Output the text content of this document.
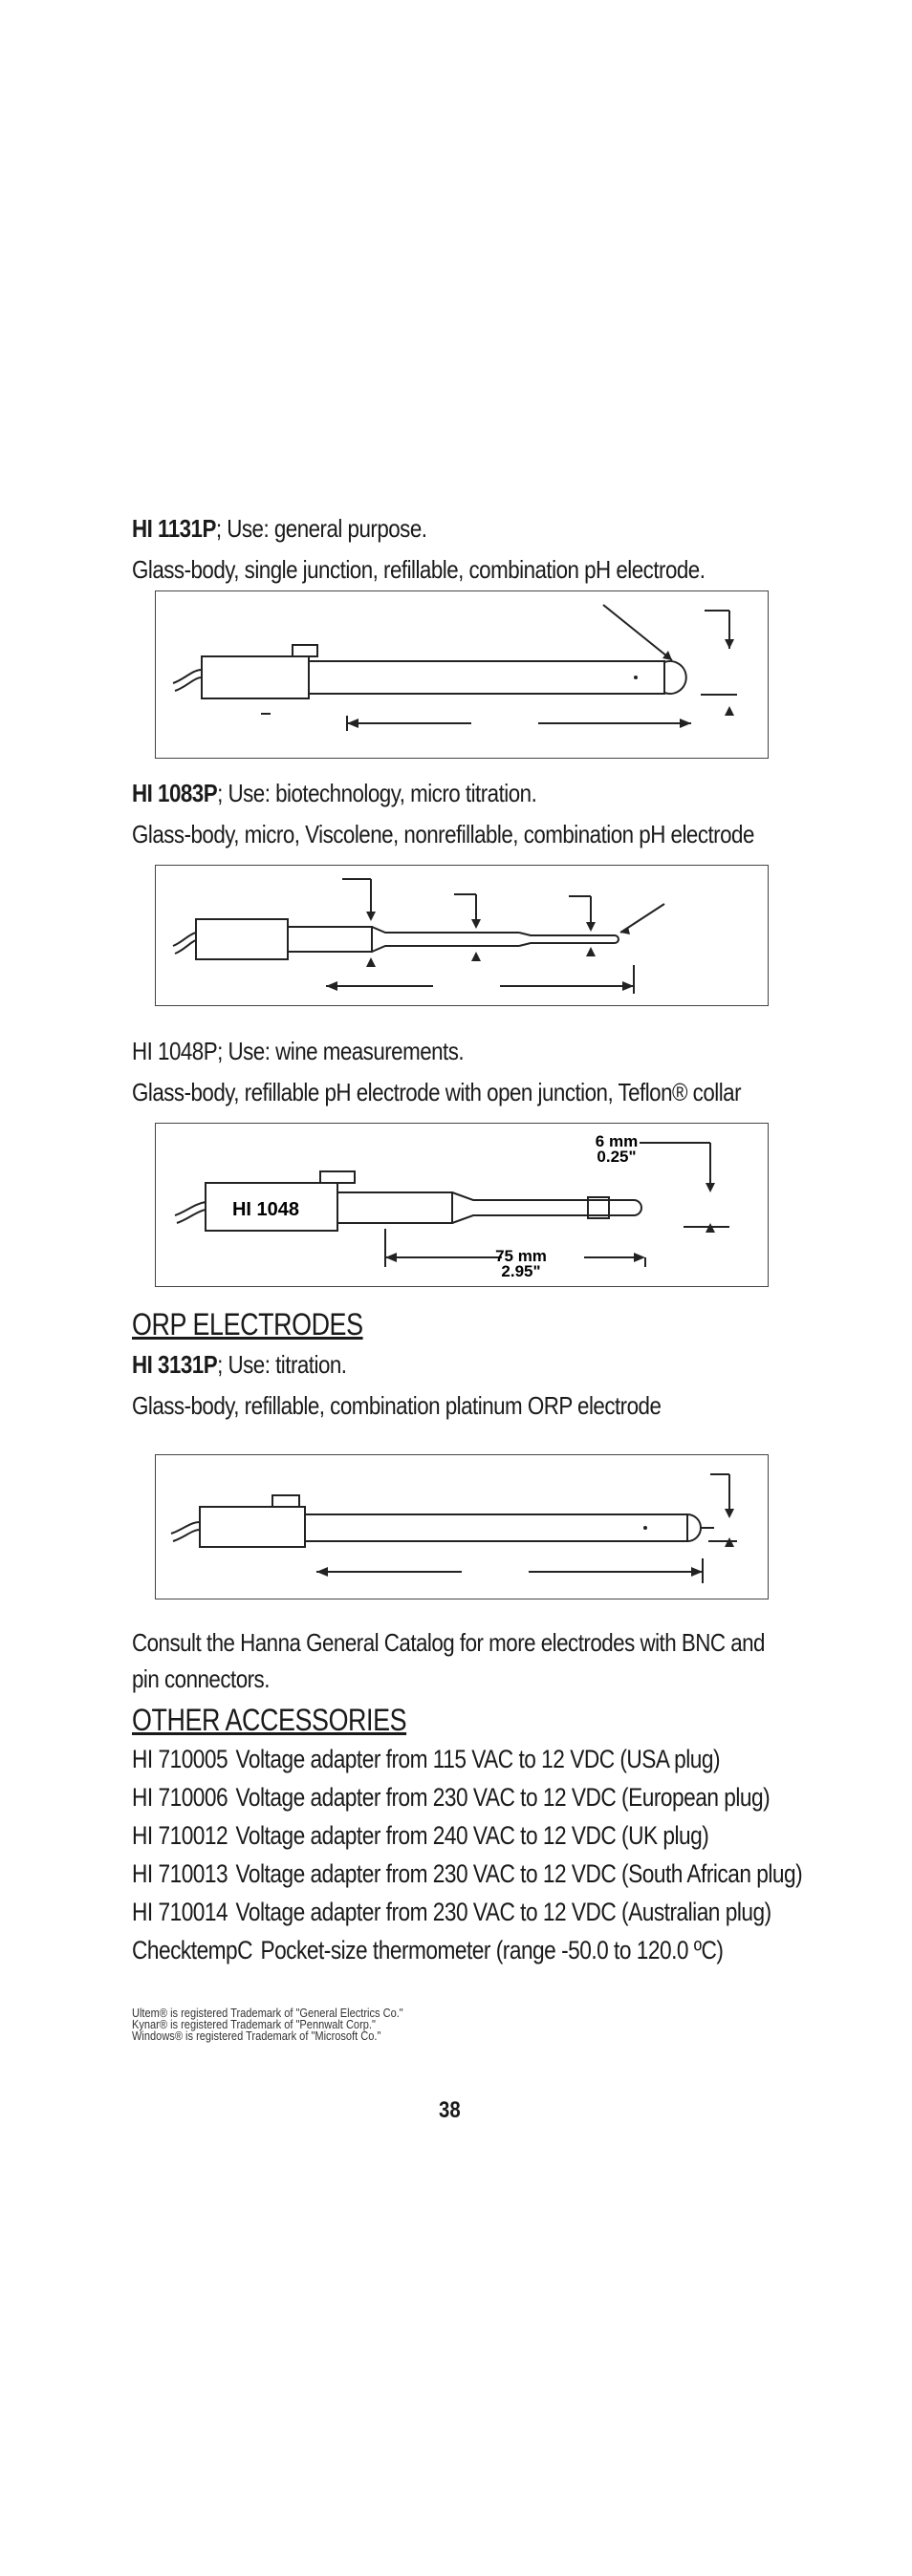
HI 1131P; Use: general purpose.
Glass-body, single junction, refillable, combination pH electrode.
HI 1083P; Use: biotechnology, micro titration.
Glass-body, micro, Viscolene, nonrefillable, combination pH electrode
HI 1048P; Use: wine measurements.
Glass-body, refillable pH electrode with open junction, Teflon® collar
HI 1048
6 mm
0.25"
75 mm
2.95"
ORP ELECTRODES
HI 3131P; Use: titration.
Glass-body, refillable, combination platinum ORP electrode
Consult the Hanna General Catalog for more electrodes with BNC and pin connectors.
OTHER ACCESSORIES
HI 710005 Voltage adapter from 115 VAC to 12 VDC (USA plug)
HI 710006 Voltage adapter from 230 VAC to 12 VDC (European plug)
HI 710012 Voltage adapter from 240 VAC to 12 VDC (UK plug)
HI 710013 Voltage adapter from 230 VAC to 12 VDC (South African plug)
HI 710014 Voltage adapter from 230 VAC to 12 VDC (Australian plug)
ChecktempC Pocket-size thermometer (range -50.0 to 120.0 ºC)
Ultem® is registered Trademark of "General Electrics Co."
Kynar® is registered Trademark of "Pennwalt Corp."
Windows® is registered Trademark of "Microsoft Co."
38
